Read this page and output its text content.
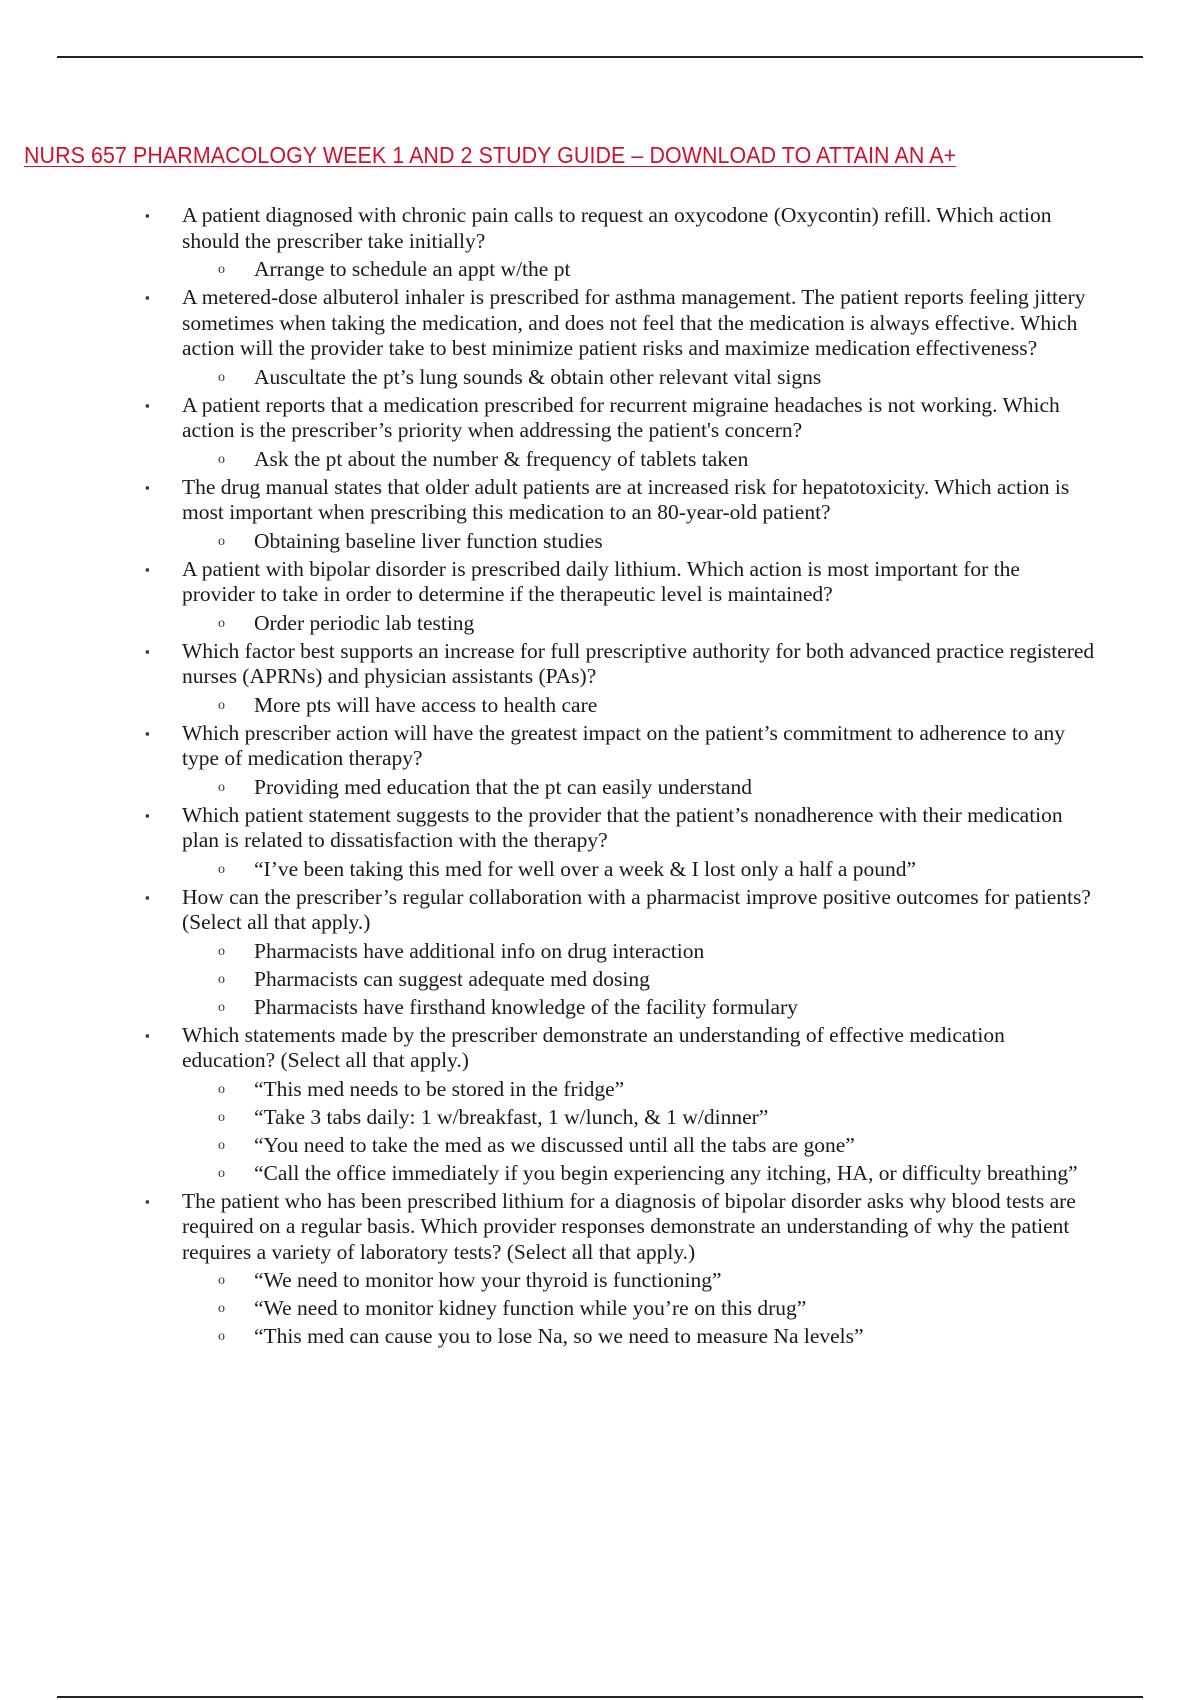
NURS 657 PHARMACOLOGY WEEK 1 AND 2 STUDY GUIDE – DOWNLOAD TO ATTAIN AN A+
▪ A patient diagnosed with chronic pain calls to request an oxycodone (Oxycontin) refill. Which action should the prescriber take initially?
o Arrange to schedule an appt w/the pt
▪ A metered-dose albuterol inhaler is prescribed for asthma management. The patient reports feeling jittery sometimes when taking the medication, and does not feel that the medication is always effective. Which action will the provider take to best minimize patient risks and maximize medication effectiveness?
o Auscultate the pt’s lung sounds & obtain other relevant vital signs
▪ A patient reports that a medication prescribed for recurrent migraine headaches is not working. Which action is the prescriber’s priority when addressing the patient's concern?
o Ask the pt about the number & frequency of tablets taken
▪ The drug manual states that older adult patients are at increased risk for hepatotoxicity. Which action is most important when prescribing this medication to an 80-year-old patient?
o Obtaining baseline liver function studies
▪ A patient with bipolar disorder is prescribed daily lithium. Which action is most important for the provider to take in order to determine if the therapeutic level is maintained?
o Order periodic lab testing
▪ Which factor best supports an increase for full prescriptive authority for both advanced practice registered nurses (APRNs) and physician assistants (PAs)?
o More pts will have access to health care
▪ Which prescriber action will have the greatest impact on the patient’s commitment to adherence to any type of medication therapy?
o Providing med education that the pt can easily understand
▪ Which patient statement suggests to the provider that the patient’s nonadherence with their medication plan is related to dissatisfaction with the therapy?
o “I’ve been taking this med for well over a week & I lost only a half a pound”
▪ How can the prescriber’s regular collaboration with a pharmacist improve positive outcomes for patients? (Select all that apply.)
o Pharmacists have additional info on drug interaction
o Pharmacists can suggest adequate med dosing
o Pharmacists have firsthand knowledge of the facility formulary
▪ Which statements made by the prescriber demonstrate an understanding of effective medication education? (Select all that apply.)
o “This med needs to be stored in the fridge”
o “Take 3 tabs daily: 1 w/breakfast, 1 w/lunch, & 1 w/dinner”
o “You need to take the med as we discussed until all the tabs are gone”
o “Call the office immediately if you begin experiencing any itching, HA, or difficulty breathing”
▪ The patient who has been prescribed lithium for a diagnosis of bipolar disorder asks why blood tests are required on a regular basis. Which provider responses demonstrate an understanding of why the patient requires a variety of laboratory tests? (Select all that apply.)
o “We need to monitor how your thyroid is functioning”
o “We need to monitor kidney function while you’re on this drug”
o “This med can cause you to lose Na, so we need to measure Na levels”
